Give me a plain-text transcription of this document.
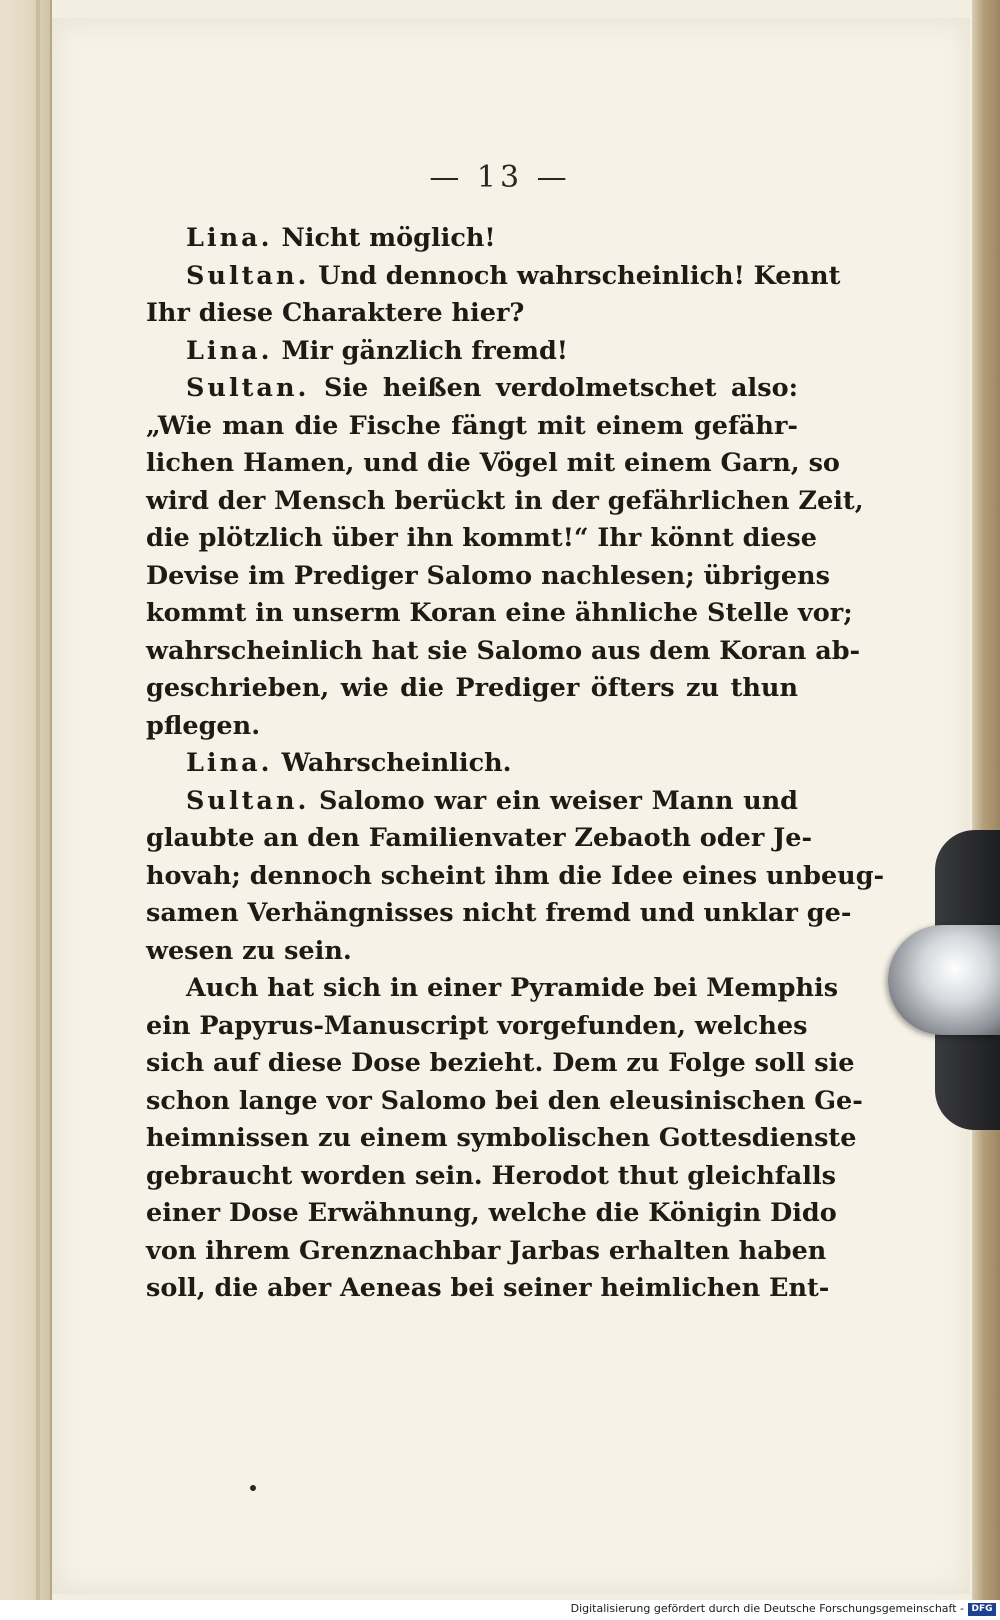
— 13 —
Lina. Nicht möglich!
Sultan. Und dennoch wahrscheinlich! Kennt
Ihr diese Charaktere hier?
Lina. Mir gänzlich fremd!
Sultan. Sie heißen verdolmetschet also:
„Wie man die Fische fängt mit einem gefähr-
lichen Hamen, und die Vögel mit einem Garn, so
wird der Mensch berückt in der gefährlichen Zeit,
die plötzlich über ihn kommt!“ Ihr könnt diese
Devise im Prediger Salomo nachlesen; übrigens
kommt in unserm Koran eine ähnliche Stelle vor;
wahrscheinlich hat sie Salomo aus dem Koran ab-
geschrieben, wie die Prediger öfters zu thun
pflegen.
Lina. Wahrscheinlich.
Sultan. Salomo war ein weiser Mann und
glaubte an den Familienvater Zebaoth oder Je-
hovah; dennoch scheint ihm die Idee eines unbeug-
samen Verhängnisses nicht fremd und unklar ge-
wesen zu sein.
Auch hat sich in einer Pyramide bei Memphis
ein Papyrus-Manuscript vorgefunden, welches
sich auf diese Dose bezieht. Dem zu Folge soll sie
schon lange vor Salomo bei den eleusinischen Ge-
heimnissen zu einem symbolischen Gottesdienste
gebraucht worden sein. Herodot thut gleichfalls
einer Dose Erwähnung, welche die Königin Dido
von ihrem Grenznachbar Jarbas erhalten haben
soll, die aber Aeneas bei seiner heimlichen Ent-
Digitalisierung gefördert durch die Deutsche Forschungsgemeinschaft - DFG
